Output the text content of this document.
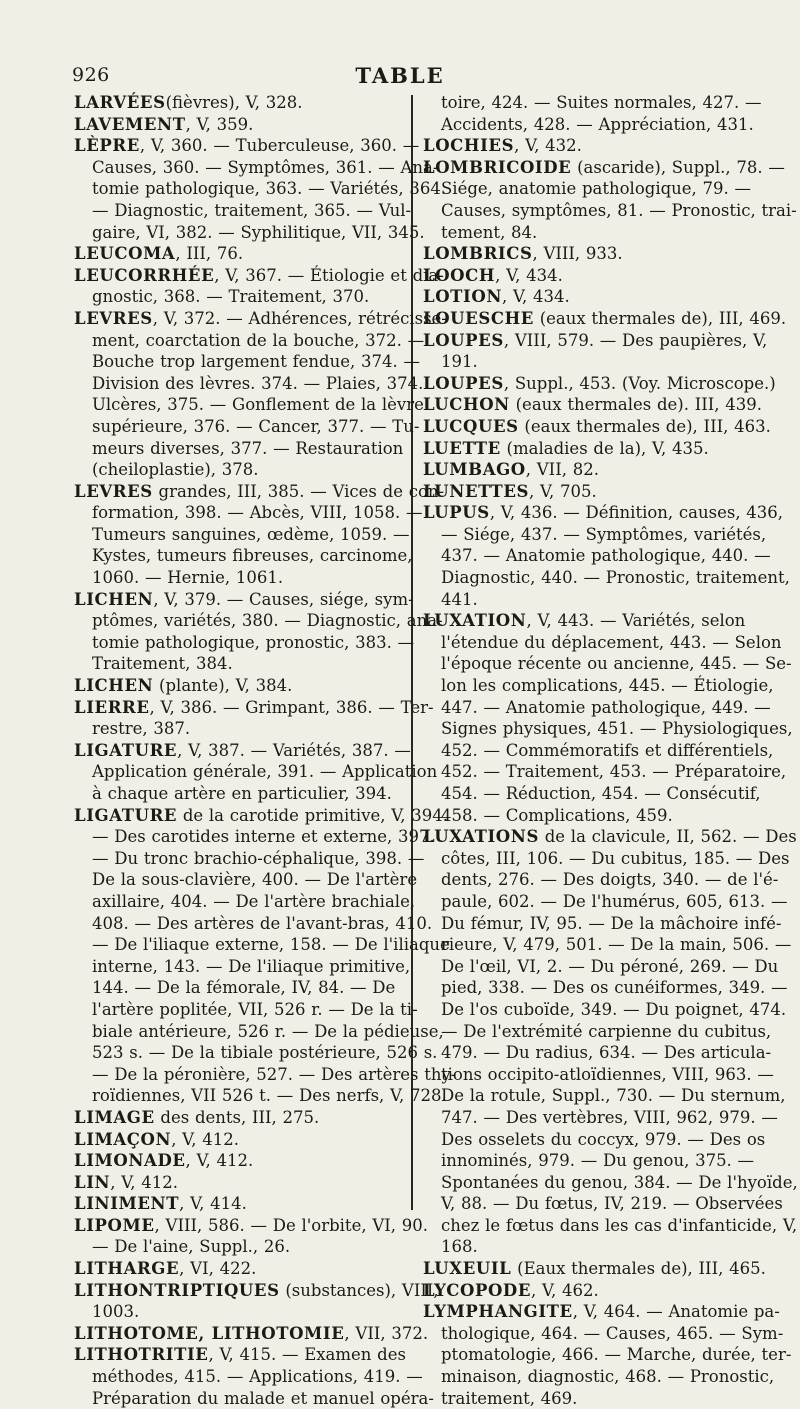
926	TABLE
LARVÉES(fièvres), V, 328.
LAVEMENT, V, 359.
LÈPRE, V, 360. — Tuberculeuse, 360. —
Causes, 360. — Symptômes, 361. — Ana-
tomie pathologique, 363. — Variétés, 364.
— Diagnostic, traitement, 365. — Vul-
gaire, VI, 382. — Syphilitique, VII, 345.
LEUCOMA, III, 76.
LEUCORRHÉE, V, 367. — Étiologie et dia-
gnostic, 368. — Traitement, 370.
LEVRES, V, 372. — Adhérences, rétrécisse-
ment, coarctation de la bouche, 372. —
Bouche trop largement fendue, 374. —
Division des lèvres. 374. — Plaies, 374.
Ulcères, 375. — Gonflement de la lèvre
supérieure, 376. — Cancer, 377. — Tu-
meurs diverses, 377. — Restauration
(cheiloplastie), 378.
LEVRES grandes, III, 385. — Vices de con-
formation, 398. — Abcès, VIII, 1058. —
Tumeurs sanguines, œdème, 1059. —
Kystes, tumeurs fibreuses, carcinome,
1060. — Hernie, 1061.
LICHEN, V, 379. — Causes, siége, sym-
ptômes, variétés, 380. — Diagnostic, ana-
tomie pathologique, pronostic, 383. —
Traitement, 384.
LICHEN (plante), V, 384.
LIERRE, V, 386. — Grimpant, 386. — Ter-
restre, 387.
LIGATURE, V, 387. — Variétés, 387. —
Application générale, 391. — Application
à chaque artère en particulier, 394.
LIGATURE de la carotide primitive, V, 394.
— Des carotides interne et externe, 397.
— Du tronc brachio-céphalique, 398. —
De la sous-clavière, 400. — De l'artère
axillaire, 404. — De l'artère brachiale,
408. — Des artères de l'avant-bras, 410.
— De l'iliaque externe, 158. — De l'iliaque
interne, 143. — De l'iliaque primitive,
144. — De la fémorale, IV, 84. — De
l'artère poplitée, VII, 526 r. — De la ti-
biale antérieure, 526 r. — De la pédieuse,
523 s. — De la tibiale postérieure, 526 s.
— De la péronière, 527. — Des artères thy-
roïdiennes, VII 526 t. — Des nerfs, V, 728.
LIMAGE des dents, III, 275.
LIMAÇON, V, 412.
LIMONADE, V, 412.
LIN, V, 412.
LINIMENT, V, 414.
LIPOME, VIII, 586. — De l'orbite, VI, 90.
— De l'aine, Suppl., 26.
LITHARGE, VI, 422.
LITHONTRIPTIQUES (substances), VIII,
1003.
LITHOTOME, LITHOTOMIE, VII, 372.
LITHOTRITIE, V, 415. — Examen des
méthodes, 415. — Applications, 419. —
Préparation du malade et manuel opéra-
toire, 424. — Suites normales, 427. —
Accidents, 428. — Appréciation, 431.
LOCHIES, V, 432.
LOMBRICOIDE (ascaride), Suppl., 78. —
Siége, anatomie pathologique, 79. —
Causes, symptômes, 81. — Pronostic, trai-
tement, 84.
LOMBRICS, VIII, 933.
LOOCH, V, 434.
LOTION, V, 434.
LOUESCHE (eaux thermales de), III, 469.
LOUPES, VIII, 579. — Des paupières, V,
191.
LOUPES, Suppl., 453. (Voy. Microscope.)
LUCHON (eaux thermales de). III, 439.
LUCQUES (eaux thermales de), III, 463.
LUETTE (maladies de la), V, 435.
LUMBAGO, VII, 82.
LUNETTES, V, 705.
LUPUS, V, 436. — Définition, causes, 436,
— Siége, 437. — Symptômes, variétés,
437. — Anatomie pathologique, 440. —
Diagnostic, 440. — Pronostic, traitement,
441.
LUXATION, V, 443. — Variétés, selon
l'étendue du déplacement, 443. — Selon
l'époque récente ou ancienne, 445. — Se-
lon les complications, 445. — Étiologie,
447. — Anatomie pathologique, 449. —
Signes physiques, 451. — Physiologiques,
452. — Commémoratifs et différentiels,
452. — Traitement, 453. — Préparatoire,
454. — Réduction, 454. — Consécutif,
458. — Complications, 459.
LUXATIONS de la clavicule, II, 562. — Des
côtes, III, 106. — Du cubitus, 185. — Des
dents, 276. — Des doigts, 340. — de l'é-
paule, 602. — De l'humérus, 605, 613. —
Du fémur, IV, 95. — De la mâchoire infé-
rieure, V, 479, 501. — De la main, 506. —
De l'œil, VI, 2. — Du péroné, 269. — Du
pied, 338. — Des os cunéiformes, 349. —
De l'os cuboïde, 349. — Du poignet, 474.
— De l'extrémité carpienne du cubitus,
479. — Du radius, 634. — Des articula-
tions occipito-atloïdiennes, VIII, 963. —
De la rotule, Suppl., 730. — Du sternum,
747. — Des vertèbres, VIII, 962, 979. —
Des osselets du coccyx, 979. — Des os
innominés, 979. — Du genou, 375. —
Spontanées du genou, 384. — De l'hyoïde,
V, 88. — Du fœtus, IV, 219. — Observées
chez le fœtus dans les cas d'infanticide, V,
168.
LUXEUIL (Eaux thermales de), III, 465.
LYCOPODE, V, 462.
LYMPHANGITE, V, 464. — Anatomie pa-
thologique, 464. — Causes, 465. — Sym-
ptomatologie, 466. — Marche, durée, ter-
minaison, diagnostic, 468. — Pronostic,
traitement, 469.
